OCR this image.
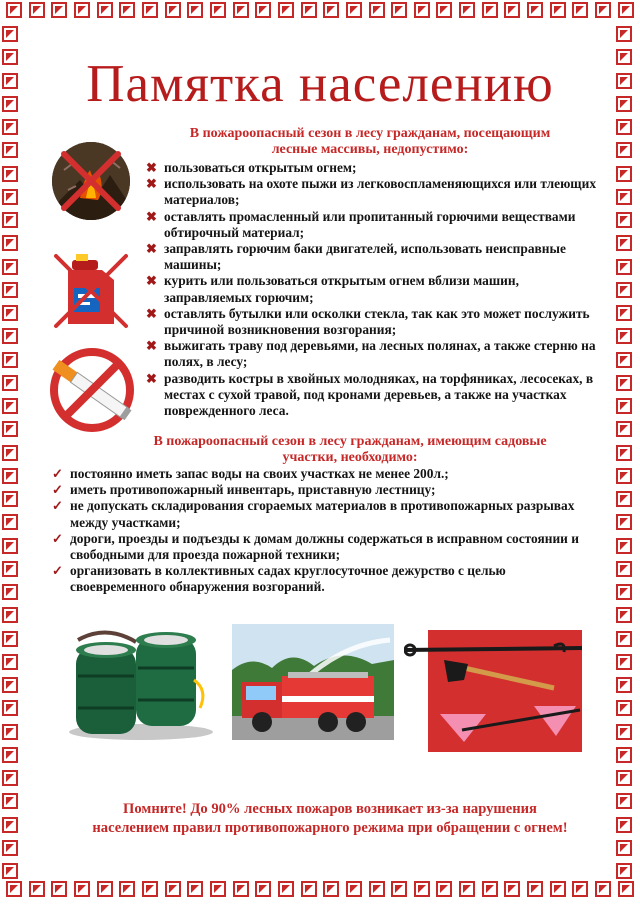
Памятка населению
В пожароопасный сезон в лесу гражданам, посещающим
лесные массивы, недопустимо:
✖ пользоваться открытым огнем;
✖ использовать на охоте пыжи из легковоспламеняющихся или тлеющих материалов;
✖ оставлять промасленный или пропитанный горючими веществами обтирочный материал;
✖ заправлять горючим баки двигателей, использовать неисправные машины;
✖ курить или пользоваться открытым огнем вблизи машин, заправляемых горючим;
✖ оставлять бутылки или осколки стекла, так как это может послужить причиной возникновения возгорания;
✖ выжигать траву под деревьями, на лесных полянах, а также стерню на полях, в лесу;
✖ разводить костры в хвойных молодняках, на торфяниках, лесосеках, в местах с сухой травой, под кронами деревьев, а также на участках поврежденного леса.
В пожароопасный сезон в лесу гражданам, имеющим садовые
участки, необходимо:
✓ постоянно иметь запас воды на своих участках не менее 200л.;
✓ иметь противопожарный инвентарь, приставную лестницу;
✓ не допускать складирования сгораемых материалов в противопожарных разрывах между участками;
✓ дороги, проезды и подъезды к домам должны содержаться в исправном состоянии и свободными для проезда пожарной техники;
✓ организовать в коллективных садах круглосуточное дежурство с целью своевременного обнаружения возгораний.
Помните! До 90% лесных пожаров возникает из-за нарушения
населением правил противопожарного режима при обращении с огнем!
